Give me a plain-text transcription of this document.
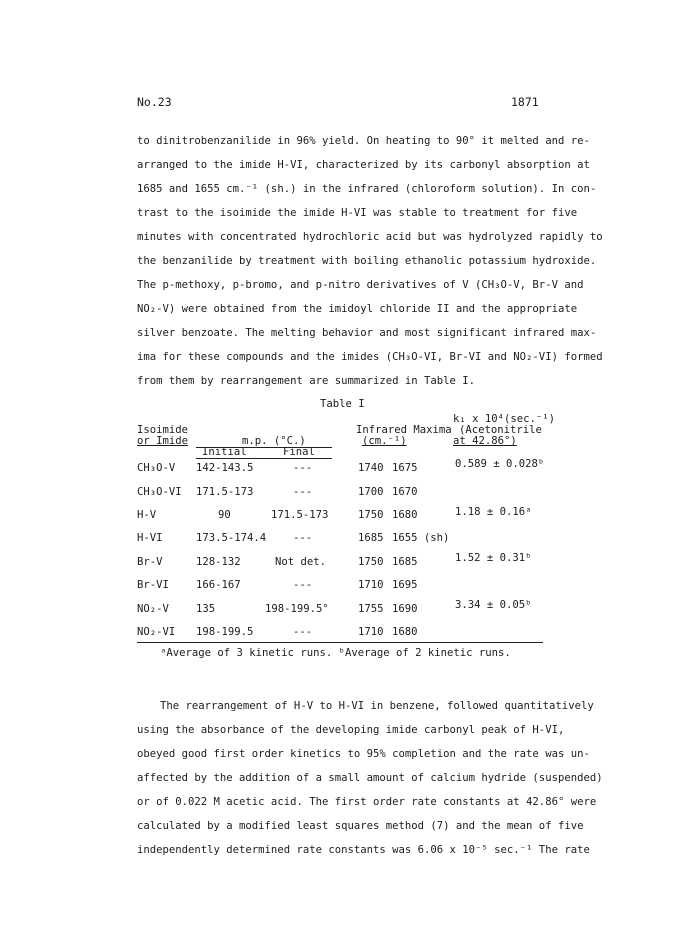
No.23	1871
to dinitrobenzanilide in 96% yield. On heating to 90° it melted and re-
arranged to the imide H-VI, characterized by its carbonyl absorption at
1685 and 1655 cm.⁻¹ (sh.) in the infrared (chloroform solution). In con-
trast to the isoimide the imide H-VI was stable to treatment for five
minutes with concentrated hydrochloric acid but was hydrolyzed rapidly to
the benzanilide by treatment with boiling ethanolic potassium hydroxide.
The p-methoxy, p-bromo, and p-nitro derivatives of V (CH₃O-V, Br-V and
NO₂-V) were obtained from the imidoyl chloride II and the appropriate
silver benzoate. The melting behavior and most significant infrared max-
ima for these compounds and the imides (CH₃O-VI, Br-VI and NO₂-VI) formed
from them by rearrangement are summarized in Table I.
Table I
k₁ x 10⁴(sec.⁻¹)
(Acetonitrile
at 42.86°)
Isoimide
or Imide
Infrared Maxima
(cm.⁻¹)
m.p. (°C.)
Initial	Final
CH₃O-V 142-143.5	---	1740 1675	0.589 ± 0.028ᵇ
CH₃O-VI 171.5-173	---	1700 1670
H-V	90	171.5-173	1750 1680	1.18 ± 0.16ᵃ
H-VI	173.5-174.4	---	1685 1655 (sh)
Br-V	128-132	Not det.	1750 1685	1.52 ± 0.31ᵇ
Br-VI	166-167	---	1710 1695
NO₂-V	135	198-199.5°	1755 1690	3.34 ± 0.05ᵇ
NO₂-VI 198-199.5	---	1710 1680
ᵃAverage of 3 kinetic runs. ᵇAverage of 2 kinetic runs.
The rearrangement of H-V to H-VI in benzene, followed quantitatively
using the absorbance of the developing imide carbonyl peak of H-VI,
obeyed good first order kinetics to 95% completion and the rate was un-
affected by the addition of a small amount of calcium hydride (suspended)
or of 0.022 M acetic acid. The first order rate constants at 42.86° were
calculated by a modified least squares method (7) and the mean of five
independently determined rate constants was 6.06 x 10⁻⁵ sec.⁻¹ The rate
